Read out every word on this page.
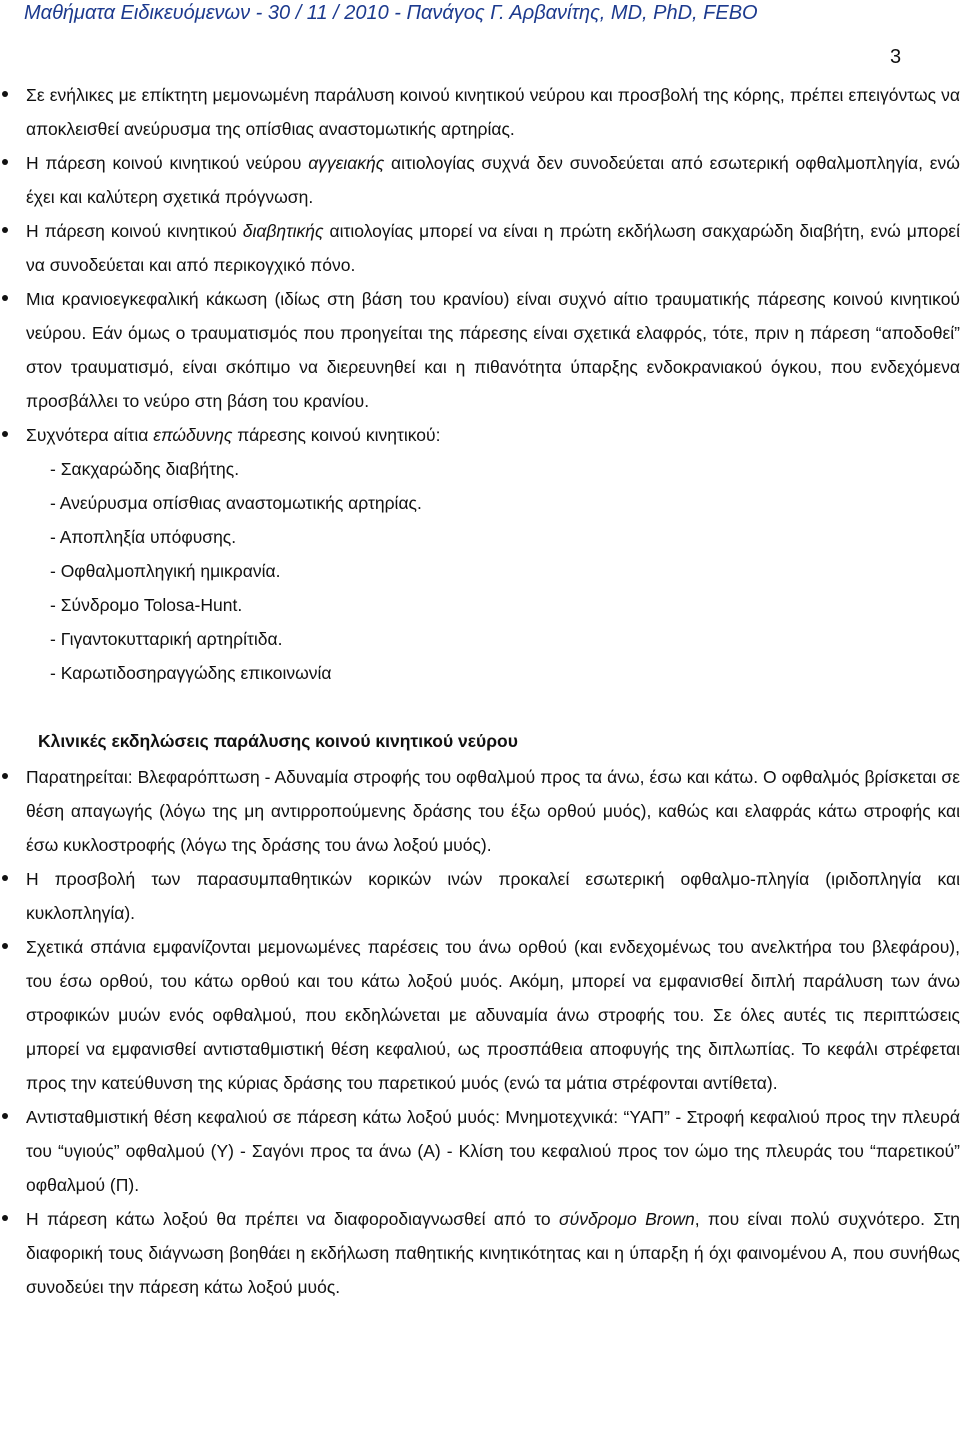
Μαθήματα Ειδικευόμενων - 30 / 11 / 2010 - Πανάγος Γ. Αρβανίτης, MD, PhD, FEBO
3

Σε ενήλικες με επίκτητη μεμονωμένη παράλυση κοινού κινητικού νεύρου και προσβολή της κόρης, πρέπει επειγόντως να αποκλεισθεί ανεύρυσμα της οπίσθιας αναστομωτικής αρτηρίας.

Η πάρεση κοινού κινητικού νεύρου αγγειακής αιτιολογίας συχνά δεν συνοδεύεται από εσωτερική οφθαλμοπληγία, ενώ έχει και καλύτερη σχετικά πρόγνωση.

Η πάρεση κοινού κινητικού διαβητικής αιτιολογίας μπορεί να είναι η πρώτη εκδήλωση σακχαρώδη διαβήτη, ενώ μπορεί να συνοδεύεται και από περικογχικό πόνο.

Μια κρανιοεγκεφαλική κάκωση (ιδίως στη βάση του κρανίου) είναι συχνό αίτιο τραυματικής πάρεσης κοινού κινητικού νεύρου. Εάν όμως ο τραυματισμός που προηγείται της πάρεσης είναι σχετικά ελαφρός, τότε, πριν η πάρεση “αποδοθεί” στον τραυματισμό, είναι σκόπιμο να διερευνηθεί και η πιθανότητα ύπαρξης ενδοκρανιακού όγκου, που ενδεχόμενα προσβάλλει το νεύρο στη βάση του κρανίου.

Συχνότερα αίτια επώδυνης πάρεσης κοινού κινητικού:

- Σακχαρώδης διαβήτης.
- Ανεύρυσμα οπίσθιας αναστομωτικής αρτηρίας.
- Αποπληξία υπόφυσης.
- Οφθαλμοπληγική ημικρανία.
- Σύνδρομο Tolosa-Hunt.
- Γιγαντοκυτταρική αρτηρίτιδα.
- Καρωτιδοσηραγγώδης επικοινωνία
Κλινικές εκδηλώσεις παράλυσης κοινού κινητικού νεύρου

Παρατηρείται: Βλεφαρόπτωση - Αδυναμία στροφής του οφθαλμού προς τα άνω, έσω και κάτω. Ο οφθαλμός βρίσκεται σε θέση απαγωγής (λόγω της μη αντιρροπούμενης δράσης του έξω ορθού μυός), καθώς και ελαφράς κάτω στροφής και έσω κυκλοστροφής (λόγω της δράσης του άνω λοξού μυός).

Η προσβολή των παρασυμπαθητικών κορικών ινών προκαλεί εσωτερική οφθαλμο-πληγία (ιριδοπληγία και κυκλοπληγία).

Σχετικά σπάνια εμφανίζονται μεμονωμένες παρέσεις του άνω ορθού (και ενδεχομένως του ανελκτήρα του βλεφάρου), του έσω ορθού, του κάτω ορθού και του κάτω λοξού μυός. Ακόμη, μπορεί να εμφανισθεί διπλή παράλυση των άνω στροφικών μυών ενός οφθαλμού, που εκδηλώνεται με αδυναμία άνω στροφής του. Σε όλες αυτές τις περιπτώσεις μπορεί να εμφανισθεί αντισταθμιστική θέση κεφαλιού, ως προσπάθεια αποφυγής της διπλωπίας. Το κεφάλι στρέφεται προς την κατεύθυνση της κύριας δράσης του παρετικού μυός (ενώ τα μάτια στρέφονται αντίθετα).

Αντισταθμιστική θέση κεφαλιού σε πάρεση κάτω λοξού μυός: Μνημοτεχνικά: “ΥΑΠ” - Στροφή κεφαλιού προς την πλευρά του “υγιούς” οφθαλμού (Υ) - Σαγόνι προς τα άνω (Α) - Κλίση του κεφαλιού προς τον ώμο της πλευράς του “παρετικού” οφθαλμού (Π).

Η πάρεση κάτω λοξού θα πρέπει να διαφοροδιαγνωσθεί από το σύνδρομο Brown, που είναι πολύ συχνότερο. Στη διαφορική τους διάγνωση βοηθάει η εκδήλωση παθητικής κινητικότητας και η ύπαρξη ή όχι φαινομένου Α, που συνήθως συνοδεύει την πάρεση κάτω λοξού μυός.
